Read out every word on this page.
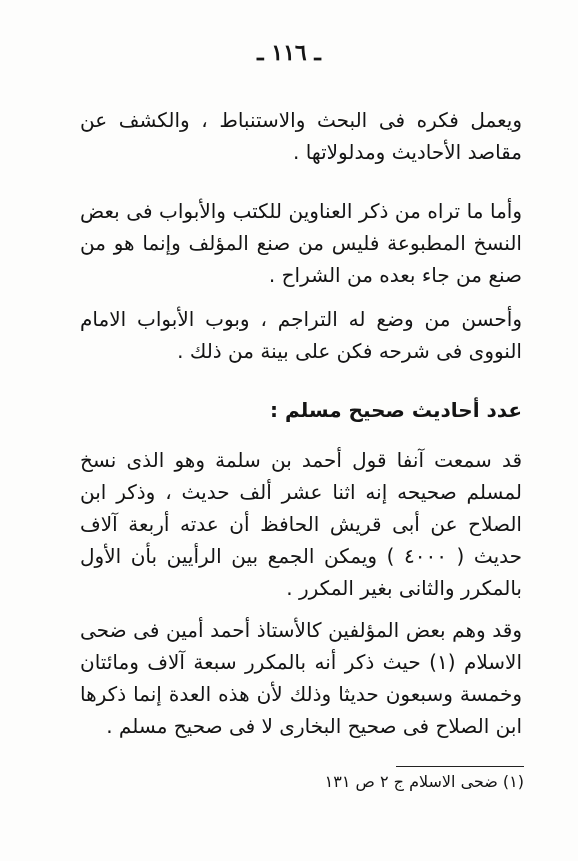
ـ ١١٦ ـ

ويعمل فكره فى البحث والاستنباط ، والكشف عن مقاصد الأحاديث ومدلولاتها .

وأما ما تراه من ذكر العناوين للكتب والأبواب فى بعض النسخ المطبوعة فليس من صنع المؤلف وإنما هو من صنع من جاء بعده من الشراح .

وأحسن من وضع له التراجم ، وبوب الأبواب الامام النووى فى شرحه فكن على بينة من ذلك .

عدد أحاديث صحيح مسلم :

قد سمعت آنفا قول أحمد بن سلمة وهو الذى نسخ لمسلم صحيحه إنه اثنا عشر ألف حديث ، وذكر ابن الصلاح عن أبى قريش الحافظ أن عدته أربعة آلاف حديث ( ٤٠٠٠ ) ويمكن الجمع بين الرأيين بأن الأول بالمكرر والثانى بغير المكرر .

وقد وهم بعض المؤلفين كالأستاذ أحمد أمين فى ضحى الاسلام (١) حيث ذكر أنه بالمكرر سبعة آلاف ومائتان وخمسة وسبعون حديثا وذلك لأن هذه العدة إنما ذكرها ابن الصلاح فى صحيح البخارى لا فى صحيح مسلم .

(١) ضحى الاسلام ج ٢ ص ١٣١
